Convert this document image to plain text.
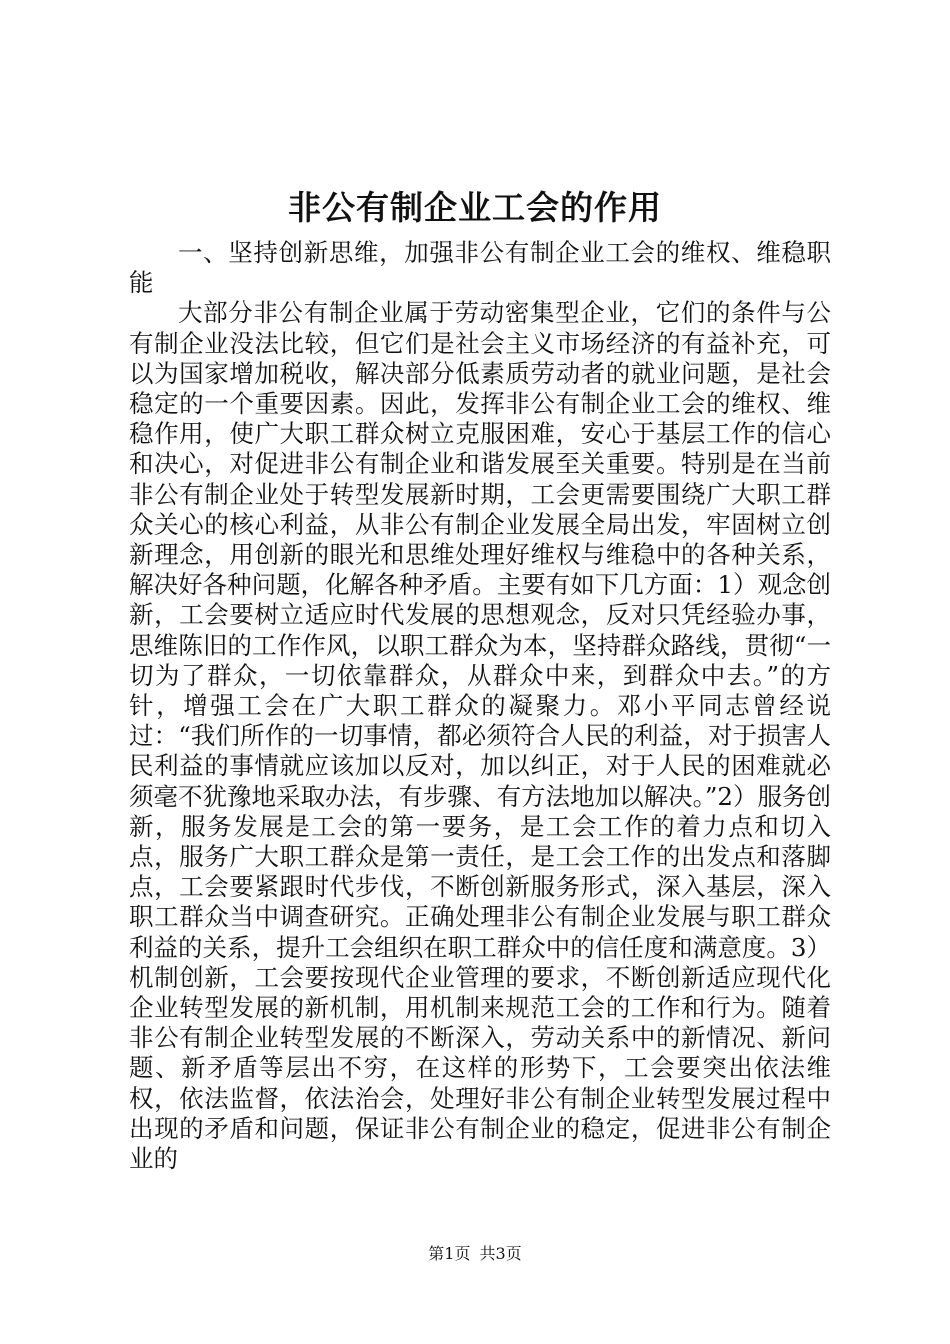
非公有制企业工会的作用

一、坚持创新思维，加强非公有制企业工会的维权、维稳职能

大部分非公有制企业属于劳动密集型企业，它们的条件与公有制企业没法比较，但它们是社会主义市场经济的有益补充，可以为国家增加税收，解决部分低素质劳动者的就业问题，是社会稳定的一个重要因素。因此，发挥非公有制企业工会的维权、维稳作用，使广大职工群众树立克服困难，安心于基层工作的信心和决心，对促进非公有制企业和谐发展至关重要。特别是在当前非公有制企业处于转型发展新时期，工会更需要围绕广大职工群众关心的核心利益，从非公有制企业发展全局出发，牢固树立创新理念，用创新的眼光和思维处理好维权与维稳中的各种关系，解决好各种问题，化解各种矛盾。主要有如下几方面：1）观念创新，工会要树立适应时代发展的思想观念，反对只凭经验办事，思维陈旧的工作作风，以职工群众为本，坚持群众路线，贯彻“一切为了群众，一切依靠群众，从群众中来，到群众中去。”的方针，增强工会在广大职工群众的凝聚力。邓小平同志曾经说过：“我们所作的一切事情，都必须符合人民的利益，对于损害人民利益的事情就应该加以反对，加以纠正，对于人民的困难就必须毫不犹豫地采取办法，有步骤、有方法地加以解决。”2）服务创新，服务发展是工会的第一要务，是工会工作的着力点和切入点，服务广大职工群众是第一责任，是工会工作的出发点和落脚点，工会要紧跟时代步伐，不断创新服务形式，深入基层，深入职工群众当中调查研究。正确处理非公有制企业发展与职工群众利益的关系，提升工会组织在职工群众中的信任度和满意度。3）机制创新，工会要按现代企业管理的要求，不断创新适应现代化企业转型发展的新机制，用机制来规范工会的工作和行为。随着非公有制企业转型发展的不断深入，劳动关系中的新情况、新问题、新矛盾等层出不穷，在这样的形势下，工会要突出依法维权，依法监督，依法治会，处理好非公有制企业转型发展过程中出现的矛盾和问题，保证非公有制企业的稳定，促进非公有制企业的

第1页 共3页
